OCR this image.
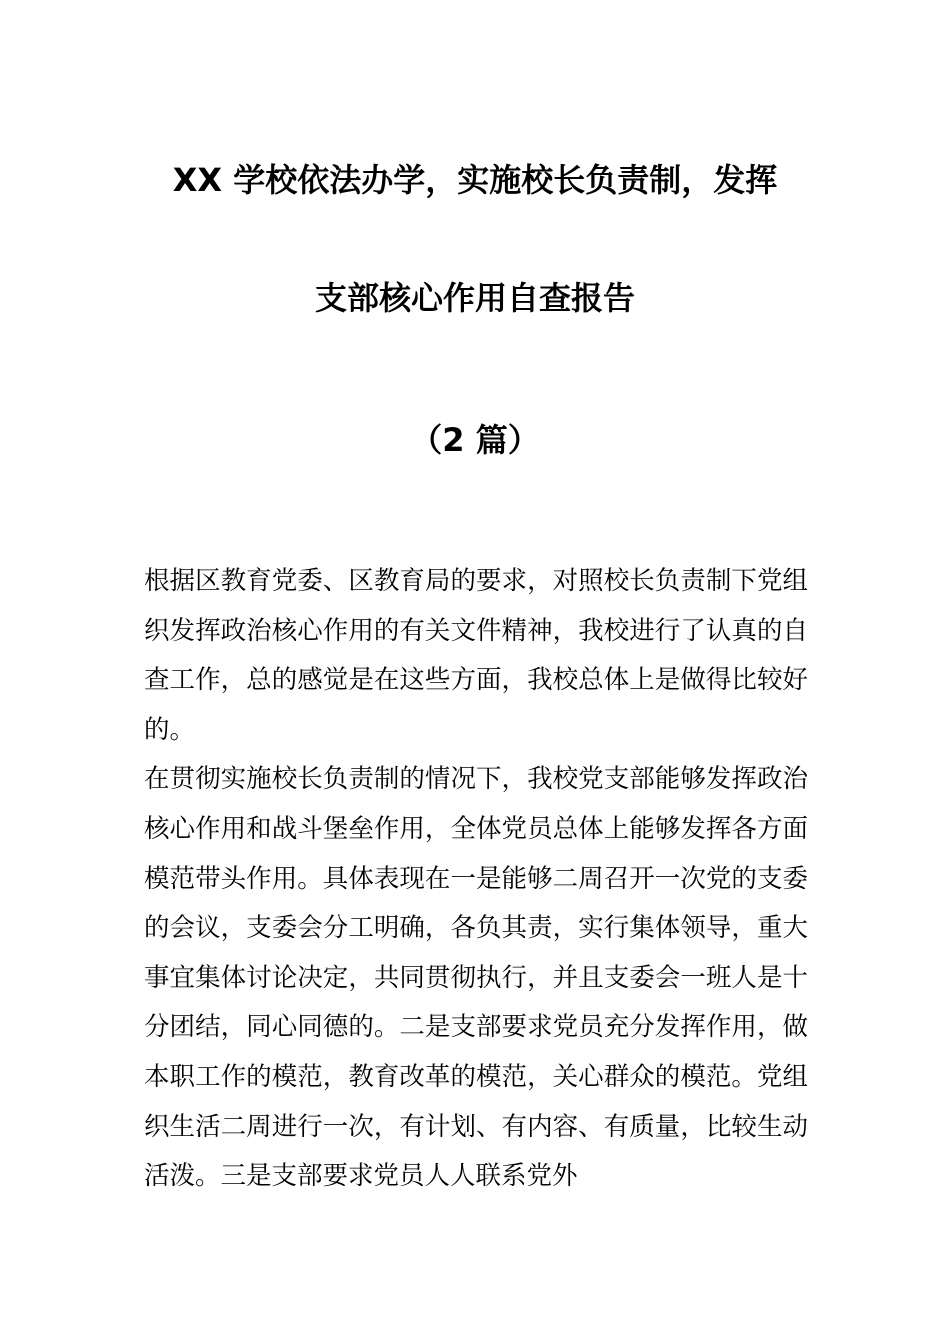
XX 学校依法办学，实施校长负责制，发挥
支部核心作用自查报告
（2 篇）

根据区教育党委、区教育局的要求，对照校长负责制下党组织发挥政治核心作用的有关文件精神，我校进行了认真的自查工作，总的感觉是在这些方面，我校总体上是做得比较好的。

在贯彻实施校长负责制的情况下，我校党支部能够发挥政治核心作用和战斗堡垒作用，全体党员总体上能够发挥各方面模范带头作用。具体表现在一是能够二周召开一次党的支委的会议，支委会分工明确，各负其责，实行集体领导，重大事宜集体讨论决定，共同贯彻执行，并且支委会一班人是十分团结，同心同德的。二是支部要求党员充分发挥作用，做本职工作的模范，教育改革的模范，关心群众的模范。党组织生活二周进行一次，有计划、有内容、有质量，比较生动活泼。三是支部要求党员人人联系党外
